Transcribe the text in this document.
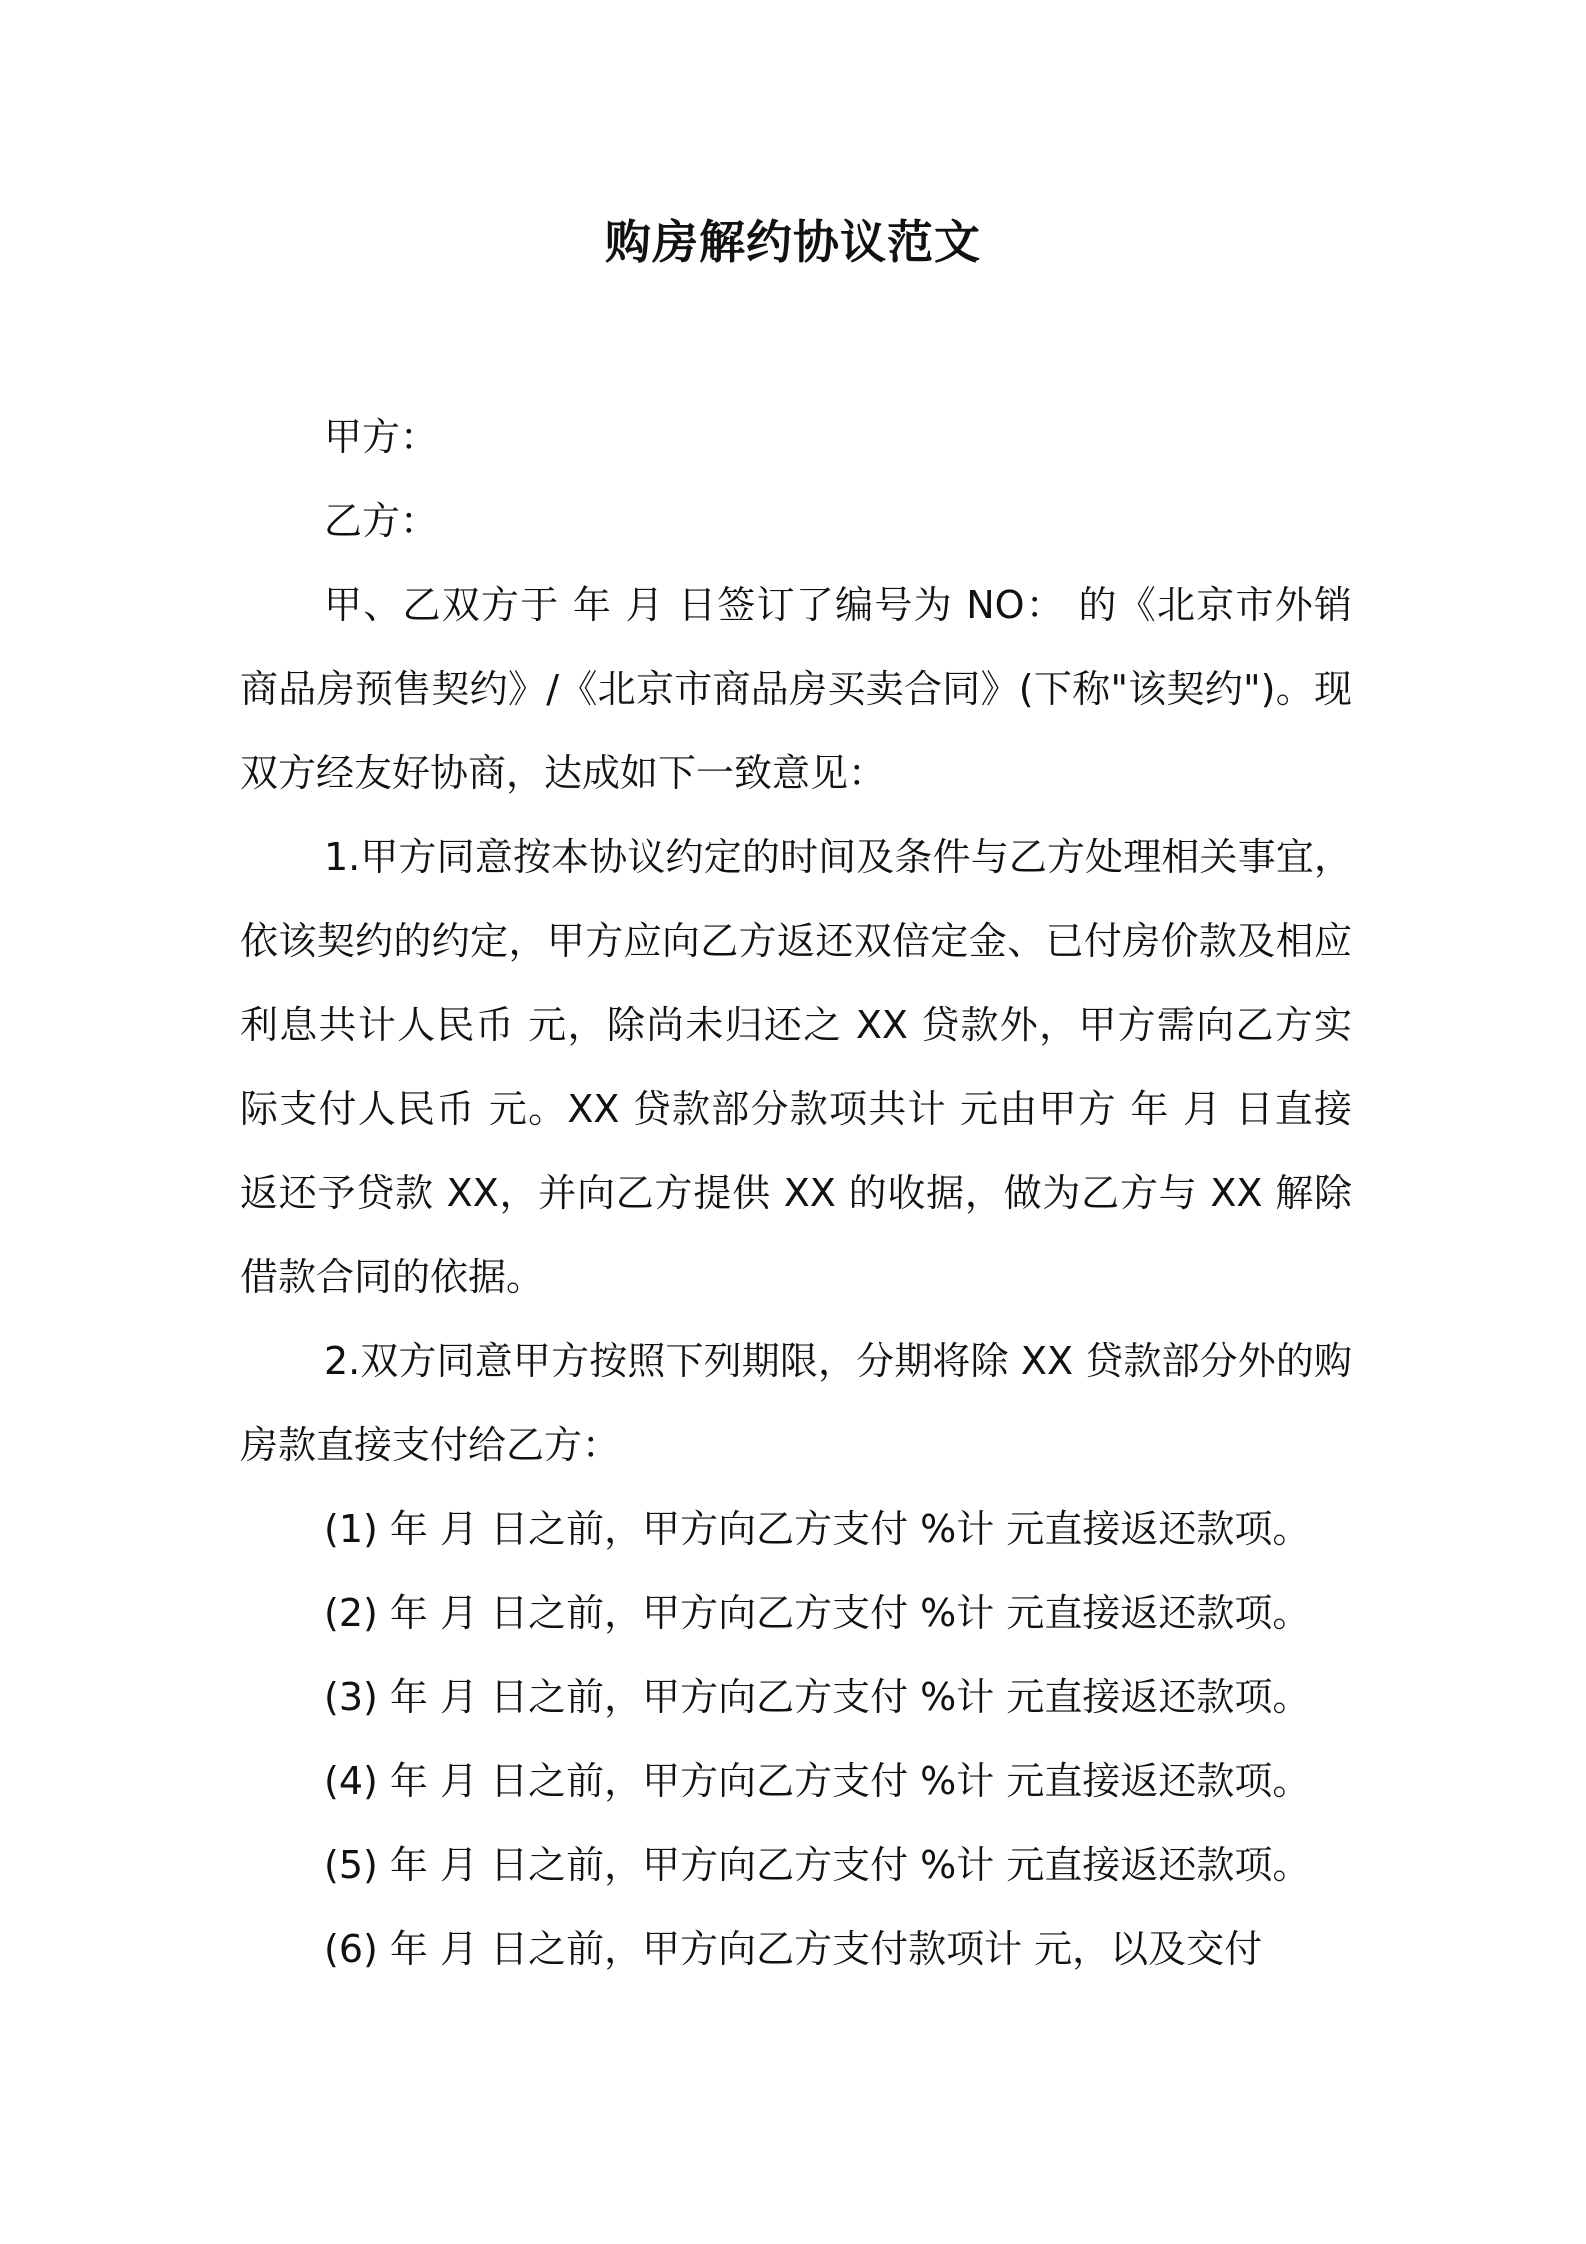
购房解约协议范文

甲方：

乙方：

甲、乙双方于 年 月 日签订了编号为 NO： 的《北京市外销商品房预售契约》/《北京市商品房买卖合同》(下称"该契约")。现双方经友好协商，达成如下一致意见：

1.甲方同意按本协议约定的时间及条件与乙方处理相关事宜，依该契约的约定，甲方应向乙方返还双倍定金、已付房价款及相应利息共计人民币 元，除尚未归还之 XX 贷款外，甲方需向乙方实际支付人民币 元。XX 贷款部分款项共计 元由甲方 年 月 日直接返还予贷款 XX，并向乙方提供 XX 的收据，做为乙方与 XX 解除借款合同的依据。

2.双方同意甲方按照下列期限，分期将除 XX 贷款部分外的购房款直接支付给乙方：

(1) 年 月 日之前，甲方向乙方支付 %计 元直接返还款项。

(2) 年 月 日之前，甲方向乙方支付 %计 元直接返还款项。

(3) 年 月 日之前，甲方向乙方支付 %计 元直接返还款项。

(4) 年 月 日之前，甲方向乙方支付 %计 元直接返还款项。

(5) 年 月 日之前，甲方向乙方支付 %计 元直接返还款项。

(6) 年 月 日之前，甲方向乙方支付款项计 元，以及交付
